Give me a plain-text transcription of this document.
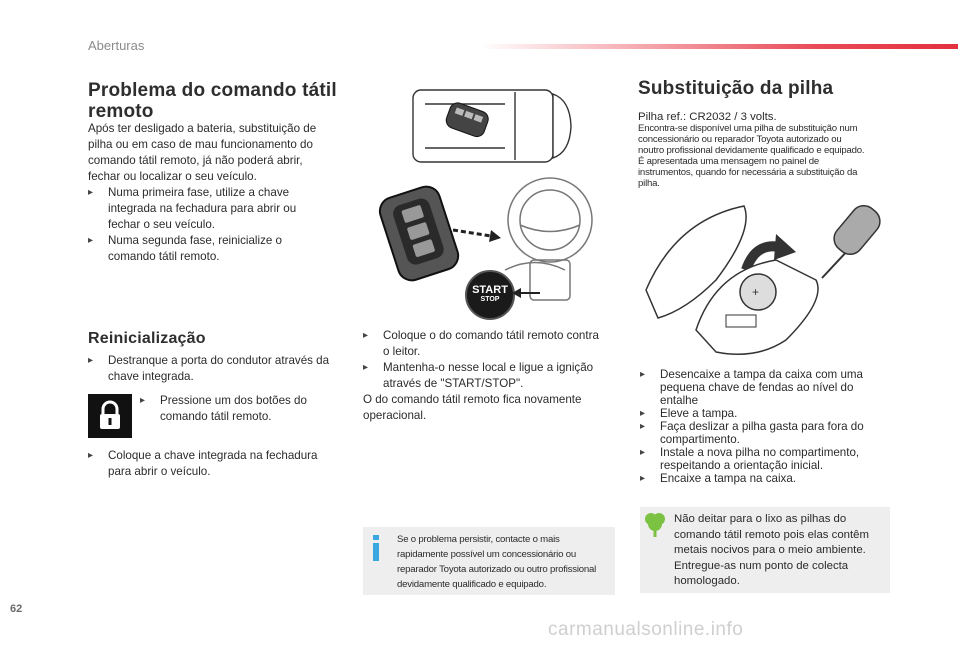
Aberturas

Problema do comando tátil
remoto

Após ter desligado a bateria, substituição de
pilha ou em caso de mau funcionamento do
comando tátil remoto, já não poderá abrir,
fechar ou localizar o seu veículo.

▸ Numa primeira fase, utilize a chave
integrada na fechadura para abrir ou
fechar o seu veículo.
▸ Numa segunda fase, reinicialize o
comando tátil remoto.

Reinicialização

▸ Destranque a porta do condutor através da
chave integrada.
▸ Pressione um dos botões do
comando tátil remoto.
▸ Coloque a chave integrada na fechadura
para abrir o veículo.
START
STOP
▸ Coloque o do comando tátil remoto contra
o leitor.
▸ Mantenha-o nesse local e ligue a ignição
através de "START/STOP".

O do comando tátil remoto fica novamente
operacional.

Se o problema persistir, contacte o mais
rapidamente possível um concessionário ou
reparador Toyota autorizado ou outro profissional
devidamente qualificado e equipado.

Substituição da pilha

Pilha ref.: CR2032 / 3 volts.

Encontra-se disponível uma pilha de substituição num
concessionário ou reparador Toyota autorizado ou
noutro profissional devidamente qualificado e equipado.
É apresentada uma mensagem no painel de
instrumentos, quando for necessária a substituição da
pilha.
+
▸ Desencaixe a tampa da caixa com uma
pequena chave de fendas ao nível do
entalhe
▸ Eleve a tampa.
▸ Faça deslizar a pilha gasta para fora do
compartimento.
▸ Instale a nova pilha no compartimento,
respeitando a orientação inicial.
▸ Encaixe a tampa na caixa.
Não deitar para o lixo as pilhas do
comando tátil remoto pois elas contêm
metais nocivos para o meio ambiente.
Entregue-as num ponto de colecta
homologado.
62
carmanualsonline.info
